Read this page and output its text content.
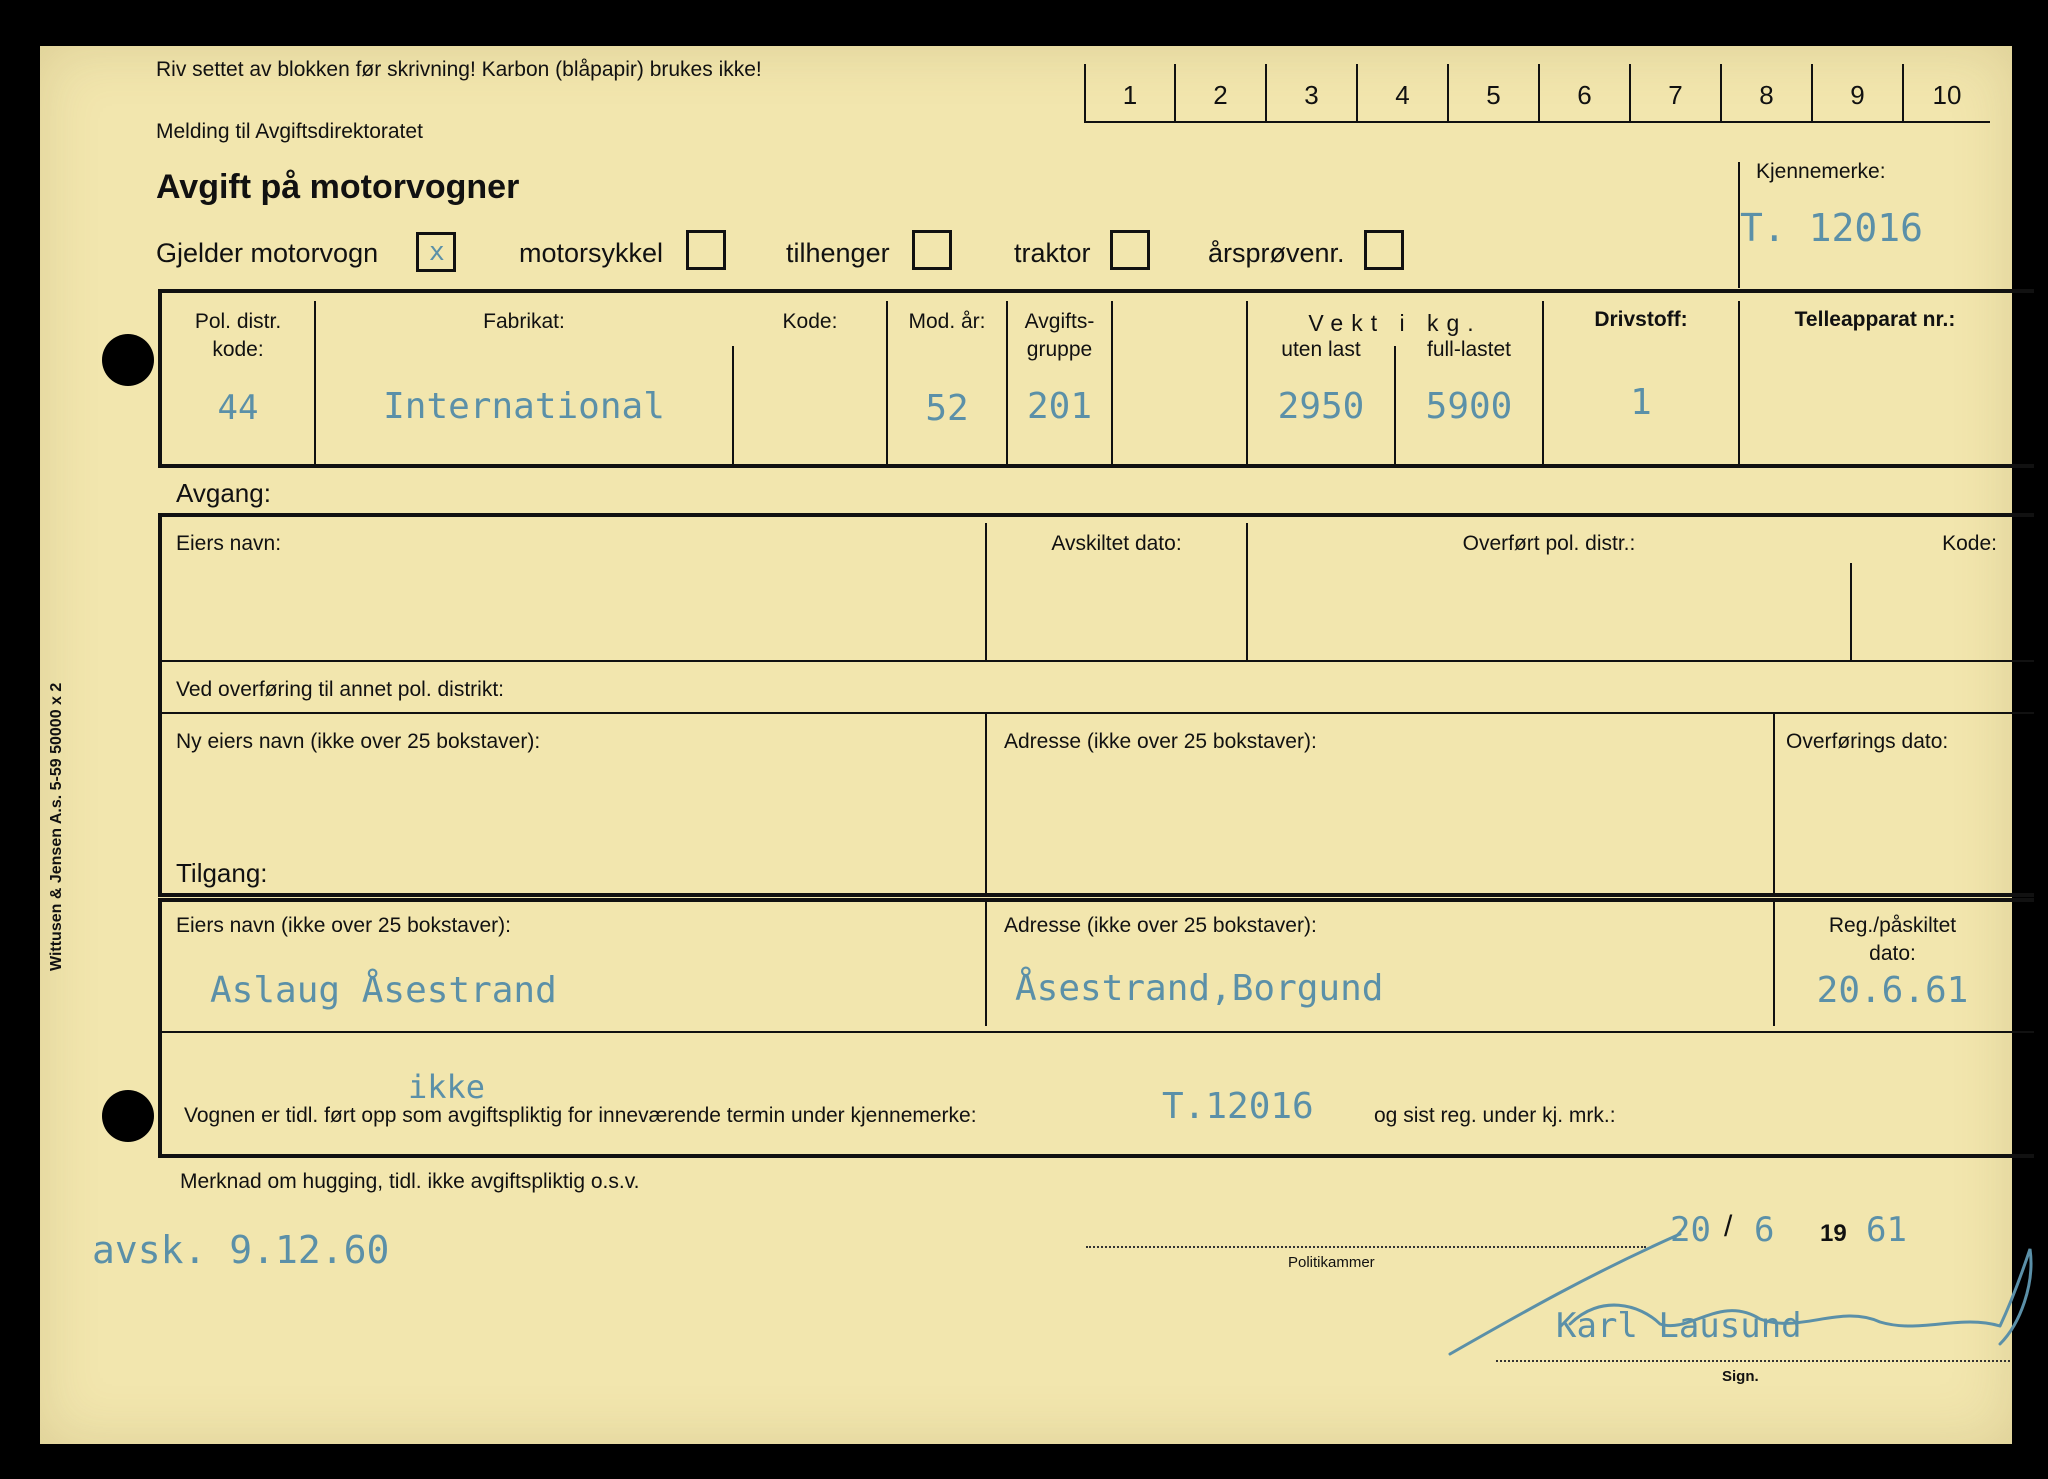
Riv settet av blokken før skrivning! Karbon (blåpapir) brukes ikke!
Melding til Avgiftsdirektoratet
Avgift på motorvogner
1	2	3	4	5	6	7	8	9	10
Kjennemerke:
T. 12016
Gjelder motorvogn x	motorsykkel	tilhenger	traktor	årsprøvenr.
Pol. distr.
kode:
44
Fabrikat:
International
Kode:	Mod. år:
52
Avgifts-
gruppe
201
Vekt i kg.
uten last	full-lastet
2950	5900
Drivstoff:
1
Telleapparat nr.:
Avgang:
Eiers navn:	Avskiltet dato:	Overført pol. distr.:	Kode:
Ved overføring til annet pol. distrikt:
Ny eiers navn (ikke over 25 bokstaver):	Adresse (ikke over 25 bokstaver):	Overførings dato:
Tilgang:
Eiers navn (ikke over 25 bokstaver):
Aslaug Åsestrand
Adresse (ikke over 25 bokstaver):
Åsestrand,Borgund
Reg./påskiltet
dato:
20.6.61
ikke
Vognen er tidl. ført opp som avgiftspliktig for inneværende termin under kjennemerke:	T.12016	og sist reg. under kj. mrk.:
Merknad om hugging, tidl. ikke avgiftspliktig o.s.v.
avsk. 9.12.60	20 / 6 19 61
Politikammer
Karl Lausund
Sign.
Wittusen & Jensen A.s. 5-59 50000 x 2
